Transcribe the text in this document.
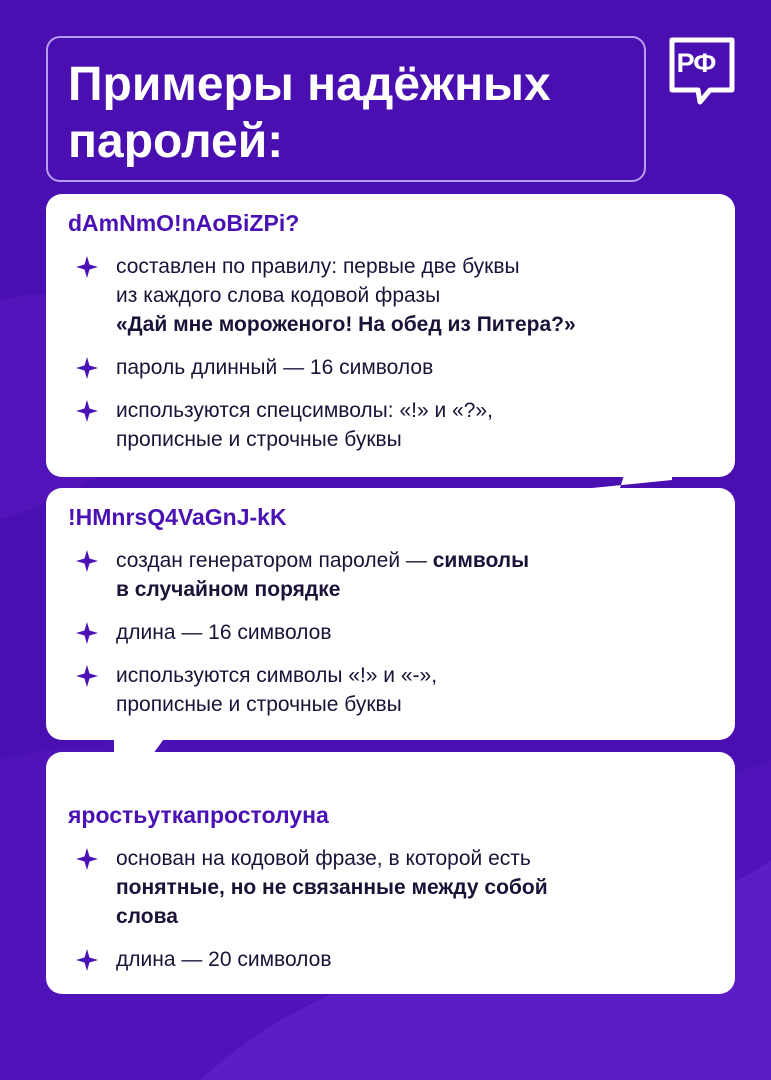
Примеры надёжных
паролей:
РФ
dAmNmO!nAoBiZPi?
составлен по правилу: первые две буквы
из каждого слова кодовой фразы
«Дай мне мороженого! На обед из Питера?»
пароль длинный — 16 символов
используются спецсимволы: «!» и «?»,
прописные и строчные буквы
!HMnrsQ4VaGnJ-kK
создан генератором паролей — символы
в случайном порядке
длина — 16 символов
используются символы «!» и «-»,
прописные и строчные буквы
яростьуткапростолуна
основан на кодовой фразе, в которой есть
понятные, но не связанные между собой
слова
длина — 20 символов
